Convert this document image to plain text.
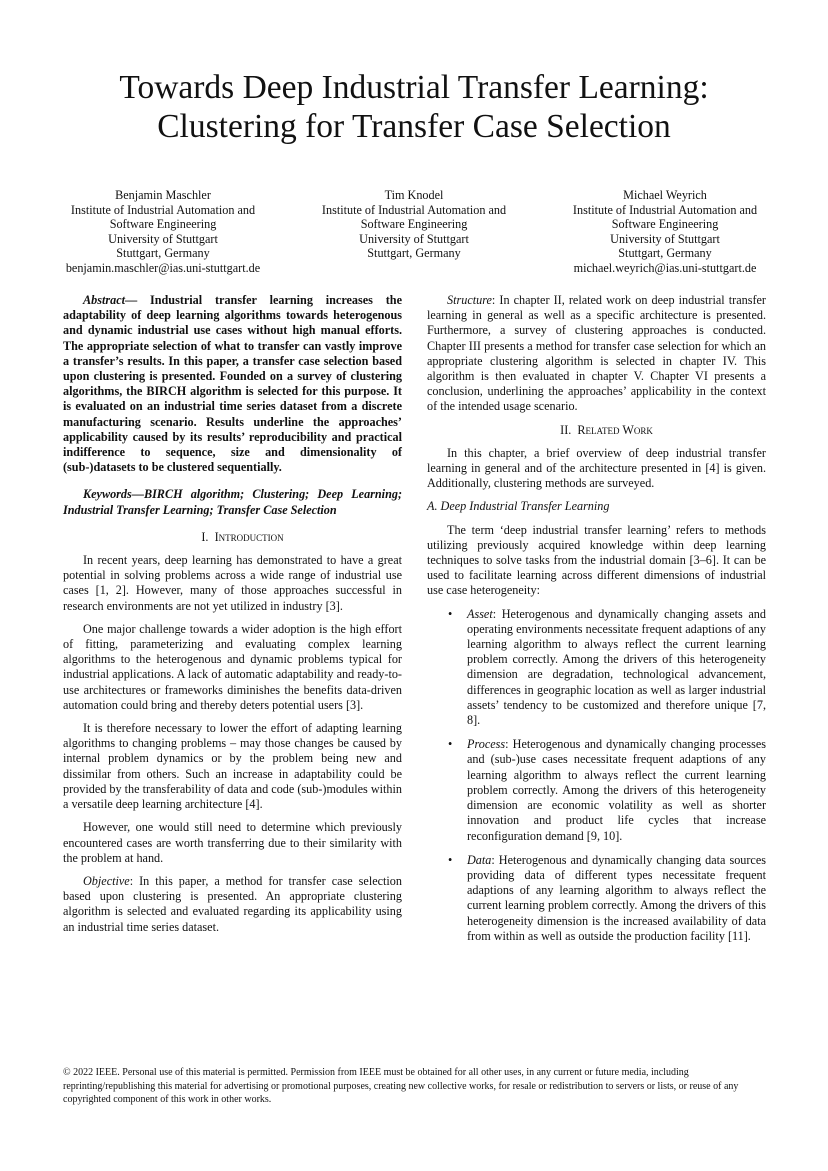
Towards Deep Industrial Transfer Learning:
Clustering for Transfer Case Selection
Benjamin Maschler
Institute of Industrial Automation and
Software Engineering
University of Stuttgart
Stuttgart, Germany
benjamin.maschler@ias.uni-stuttgart.de
Tim Knodel
Institute of Industrial Automation and
Software Engineering
University of Stuttgart
Stuttgart, Germany
Michael Weyrich
Institute of Industrial Automation and
Software Engineering
University of Stuttgart
Stuttgart, Germany
michael.weyrich@ias.uni-stuttgart.de

Abstract— Industrial transfer learning increases the adaptability of deep learning algorithms towards heterogenous and dynamic industrial use cases without high manual efforts. The appropriate selection of what to transfer can vastly improve a transfer’s results. In this paper, a transfer case selection based upon clustering is presented. Founded on a survey of clustering algorithms, the BIRCH algorithm is selected for this purpose. It is evaluated on an industrial time series dataset from a discrete manufacturing scenario. Results underline the approaches’ applicability caused by its results’ reproducibility and practical indifference to sequence, size and dimensionality of (sub-)datasets to be clustered sequentially.

Keywords—BIRCH algorithm; Clustering; Deep Learning; Industrial Transfer Learning; Transfer Case Selection

I. Introduction

In recent years, deep learning has demonstrated to have a great potential in solving problems across a wide range of industrial use cases [1, 2]. However, many of those approaches successful in research environments are not yet utilized in industry [3].

One major challenge towards a wider adoption is the high effort of fitting, parameterizing and evaluating complex learning algorithms to the heterogenous and dynamic problems typical for industrial applications. A lack of automatic adaptability and ready-to-use architectures or frameworks diminishes the benefits data-driven automation could bring and thereby deters potential users [3].

It is therefore necessary to lower the effort of adapting learning algorithms to changing problems – may those changes be caused by internal problem dynamics or by the problem being new and dissimilar from others. Such an increase in adaptability could be provided by the transferability of data and code (sub-)modules within a versatile deep learning architecture [4].

However, one would still need to determine which previously encountered cases are worth transferring due to their similarity with the problem at hand.

Objective: In this paper, a method for transfer case selection based upon clustering is presented. An appropriate clustering algorithm is selected and evaluated regarding its applicability using an industrial time series dataset.

Structure: In chapter II, related work on deep industrial transfer learning in general as well as a specific architecture is presented. Furthermore, a survey of clustering approaches is conducted. Chapter III presents a method for transfer case selection for which an appropriate clustering algorithm is selected in chapter IV. This algorithm is then evaluated in chapter V. Chapter VI presents a conclusion, underlining the approaches’ applicability in the context of the intended usage scenario.

II. Related Work

In this chapter, a brief overview of deep industrial transfer learning in general and of the architecture presented in [4] is given. Additionally, clustering methods are surveyed.

A. Deep Industrial Transfer Learning

The term ‘deep industrial transfer learning’ refers to methods utilizing previously acquired knowledge within deep learning techniques to solve tasks from the industrial domain [3–6]. It can be used to facilitate learning across different dimensions of industrial use case heterogeneity:

• Asset: Heterogenous and dynamically changing assets and operating environments necessitate frequent adaptions of any learning algorithm to always reflect the current learning problem correctly. Among the drivers of this heterogeneity dimension are degradation, technological advancement, differences in geographic location as well as larger industrial assets’ tendency to be customized and therefore unique [7, 8].
• Process: Heterogenous and dynamically changing processes and (sub-)use cases necessitate frequent adaptions of any learning algorithm to always reflect the current learning problem correctly. Among the drivers of this heterogeneity dimension are economic volatility as well as shorter innovation and product life cycles that increase reconfiguration demand [9, 10].
• Data: Heterogenous and dynamically changing data sources providing data of different types necessitate frequent adaptions of any learning algorithm to always reflect the current learning problem correctly. Among the drivers of this heterogeneity dimension is the increased availability of data from within as well as outside the production facility [11].
© 2022 IEEE. Personal use of this material is permitted. Permission from IEEE must be obtained for all other uses, in any current or future media, including reprinting/republishing this material for advertising or promotional purposes, creating new collective works, for resale or redistribution to servers or lists, or reuse of any copyrighted component of this work in other works.
